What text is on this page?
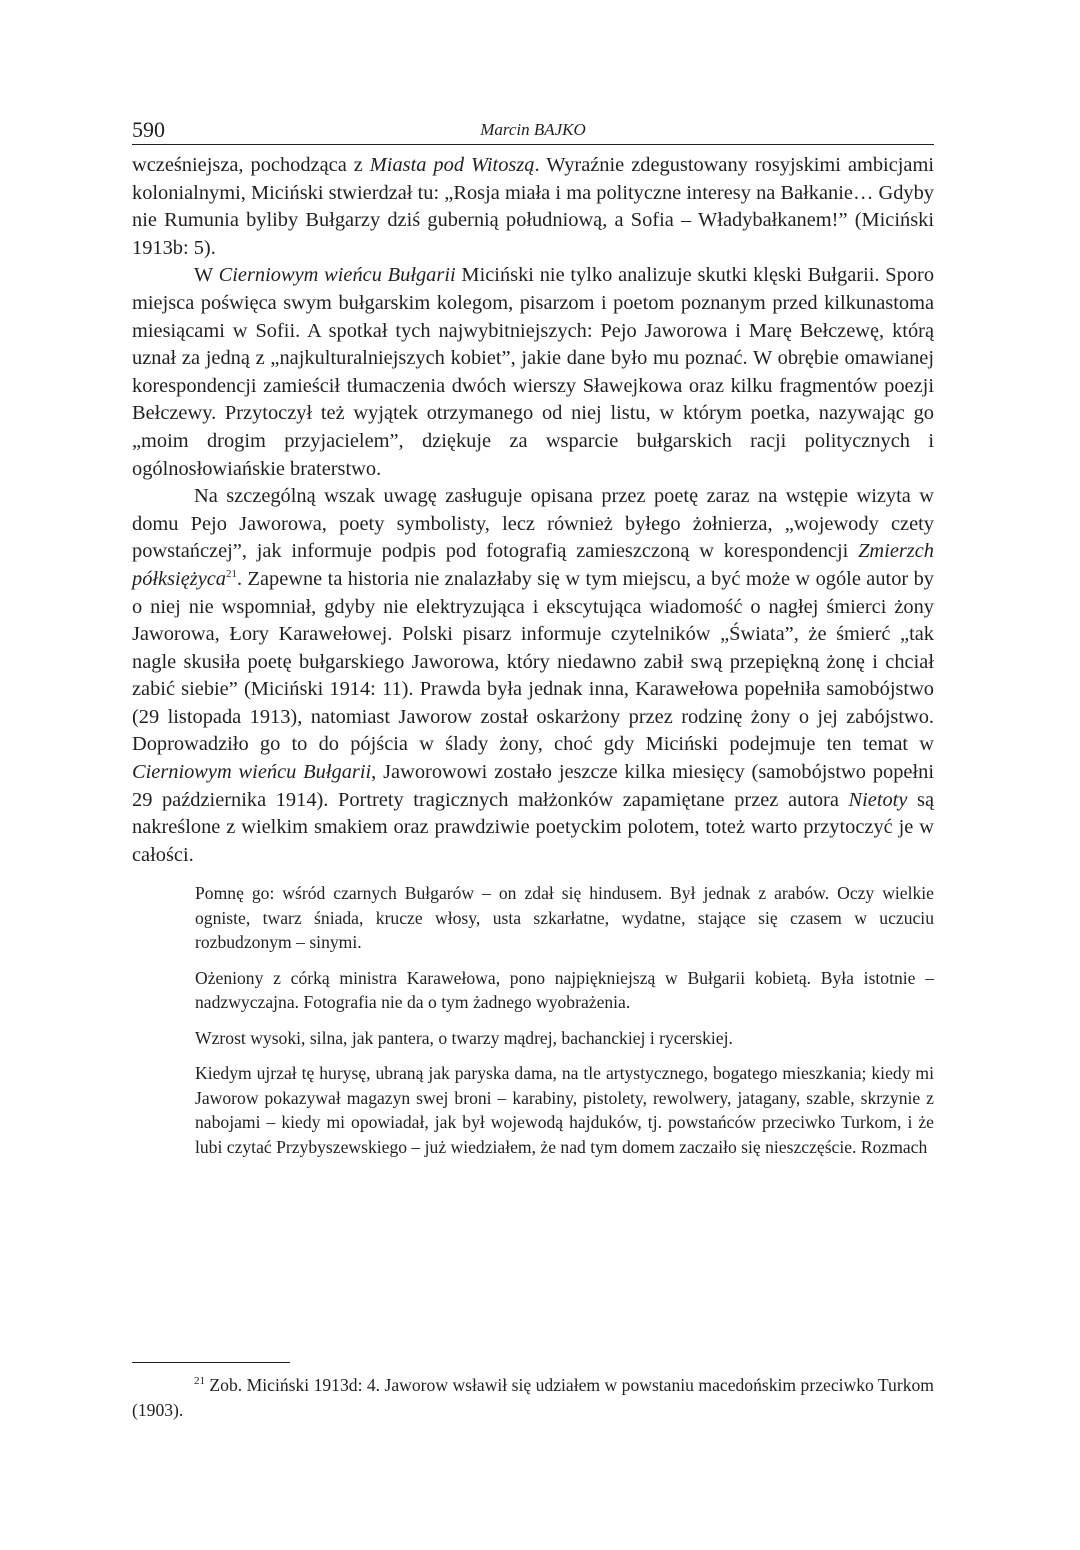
590	Marcin BAJKO

wcześniejsza, pochodząca z Miasta pod Witoszą. Wyraźnie zdegustowany rosyjskimi ambicjami kolonialnymi, Miciński stwierdzał tu: „Rosja miała i ma polityczne interesy na Bałkanie… Gdyby nie Rumunia byliby Bułgarzy dziś gubernią południową, a Sofia – Władybałkanem!” (Miciński 1913b: 5).

W Cierniowym wieńcu Bułgarii Miciński nie tylko analizuje skutki klęski Bułgarii. Sporo miejsca poświęca swym bułgarskim kolegom, pisarzom i poetom poznanym przed kilkunastoma miesiącami w Sofii. A spotkał tych najwybitniejszych: Pejo Jaworowa i Marę Bełczewę, którą uznał za jedną z „najkulturalniejszych kobiet”, jakie dane było mu poznać. W obrębie omawianej korespondencji zamieścił tłumaczenia dwóch wierszy Sławejkowa oraz kilku fragmentów poezji Bełczewy. Przytoczył też wyjątek otrzymanego od niej listu, w którym poetka, nazywając go „moim drogim przyjacielem”, dziękuje za wsparcie bułgarskich racji politycznych i ogólnosłowiańskie braterstwo.

Na szczególną wszak uwagę zasługuje opisana przez poetę zaraz na wstępie wizyta w domu Pejo Jaworowa, poety symbolisty, lecz również byłego żołnierza, „wojewody czety powstańczej”, jak informuje podpis pod fotografią zamieszczoną w korespondencji Zmierzch półksiężyca$^{21}$. Zapewne ta historia nie znalazłaby się w tym miejscu, a być może w ogóle autor by o niej nie wspomniał, gdyby nie elektryzująca i ekscytująca wiadomość o nagłej śmierci żony Jaworowa, Łory Karawełowej. Polski pisarz informuje czytelników „Świata”, że śmierć „tak nagle skusiła poetę bułgarskiego Jaworowa, który niedawno zabił swą przepiękną żonę i chciał zabić siebie” (Miciński 1914: 11). Prawda była jednak inna, Karawełowa popełniła samobójstwo (29 listopada 1913), natomiast Jaworow został oskarżony przez rodzinę żony o jej zabójstwo. Doprowadziło go to do pójścia w ślady żony, choć gdy Miciński podejmuje ten temat w Cierniowym wieńcu Bułgarii, Jaworowowi zostało jeszcze kilka miesięcy (samobójstwo popełni 29 października 1914). Portrety tragicznych małżonków zapamiętane przez autora Nietoty są nakreślone z wielkim smakiem oraz prawdziwie poetyckim polotem, toteż warto przytoczyć je w całości.

Pomnę go: wśród czarnych Bułgarów – on zdał się hindusem. Był jednak z arabów. Oczy wielkie ogniste, twarz śniada, krucze włosy, usta szkarłatne, wydatne, stające się czasem w uczuciu rozbudzonym – sinymi.

Ożeniony z córką ministra Karawełowa, pono najpiękniejszą w Bułgarii kobietą. Była istotnie – nadzwyczajna. Fotografia nie da o tym żadnego wyobrażenia.

Wzrost wysoki, silna, jak pantera, o twarzy mądrej, bachanckiej i rycerskiej.

Kiedym ujrzał tę hurysę, ubraną jak paryska dama, na tle artystycznego, bogatego mieszkania; kiedy mi Jaworow pokazywał magazyn swej broni – karabiny, pistolety, rewolwery, jatagany, szable, skrzynie z nabojami – kiedy mi opowiadał, jak był wojewodą hajduków, tj. powstańców przeciwko Turkom, i że lubi czytać Przybyszewskiego – już wiedziałem, że nad tym domem zaczaiło się nieszczęście. Rozmach

$^{21}$ Zob. Miciński 1913d: 4. Jaworow wsławił się udziałem w powstaniu macedońskim przeciwko Turkom (1903).
